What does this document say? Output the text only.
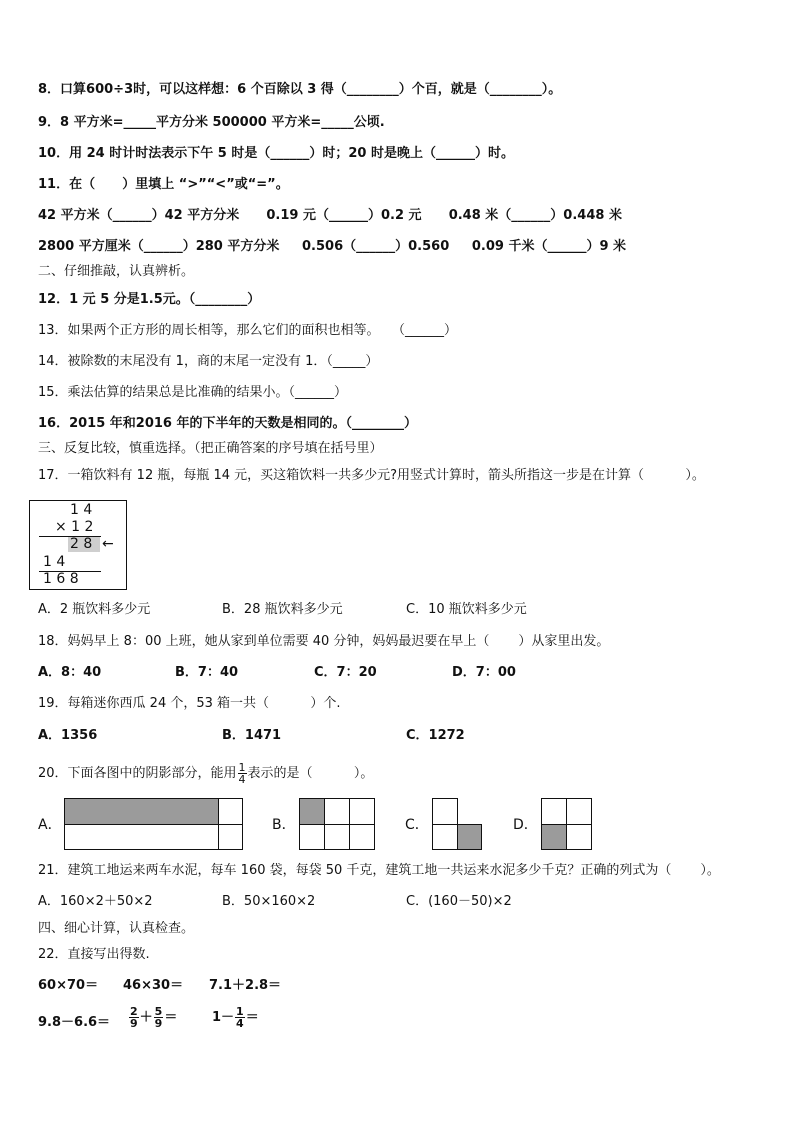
8．口算600÷3时，可以这样想：6 个百除以 3 得（________）个百，就是（________）。
9．8 平方米=_____平方分米 500000 平方米=_____公顷.
10．用 24 时计时法表示下午 5 时是（______）时；20 时是晚上（______）时。
11．在（      ）里填上 “>”“<”或“=”。
42 平方米（______）42 平方分米      0.19 元（______）0.2 元      0.48 米（______）0.448 米
2800 平方厘米（______）280 平方分米     0.506（______）0.560     0.09 千米（______）9 米
二、仔细推敲，认真辨析。
12．1 元 5 分是1.5元。（________）
13．如果两个正方形的周长相等，那么它们的面积也相等。   （______）
14．被除数的末尾没有 1，商的末尾一定没有 1．（_____）
15．乘法估算的结果总是比准确的结果小。（______）
16．2015 年和2016 年的下半年的天数是相同的。（________）
三、反复比较，慎重选择。（把正确答案的序号填在括号里）
17．一箱饮料有 12 瓶，每瓶 14 元，买这箱饮料一共多少元?用竖式计算时，箭头所指这一步是在计算（          ）。
1 4
× 1 2
2 8 ←
1 4
1 6 8
A．2 瓶饮料多少元	B．28 瓶饮料多少元	C．10 瓶饮料多少元
18．妈妈早上 8：00 上班，她从家到单位需要 40 分钟，妈妈最迟要在早上（       ）从家里出发。
A．8：40	B．7：40	C．7：20	D．7：00
19．每箱迷你西瓜 24 个，53 箱一共（          ）个.
A．1356	B．1471	C．1272
20．下面各图中的阴影部分，能用 $\frac{1}{4}$ 表示的是（          ）。
A．	B．	C．	D．
21．建筑工地运来两车水泥，每车 160 袋，每袋 50 千克，建筑工地一共运来水泥多少千克？正确的列式为（       ）。
A．160×2＋50×2	B．50×160×2	C．(160－50)×2
四、细心计算，认真检查。
22．直接写出得数.
60×70＝ 46×30＝ 7.1＋2.8＝
$9.8-6.6= \frac{2}{9} + \frac{5}{9}$ ＝	$1- \frac{1}{4}$ ＝
